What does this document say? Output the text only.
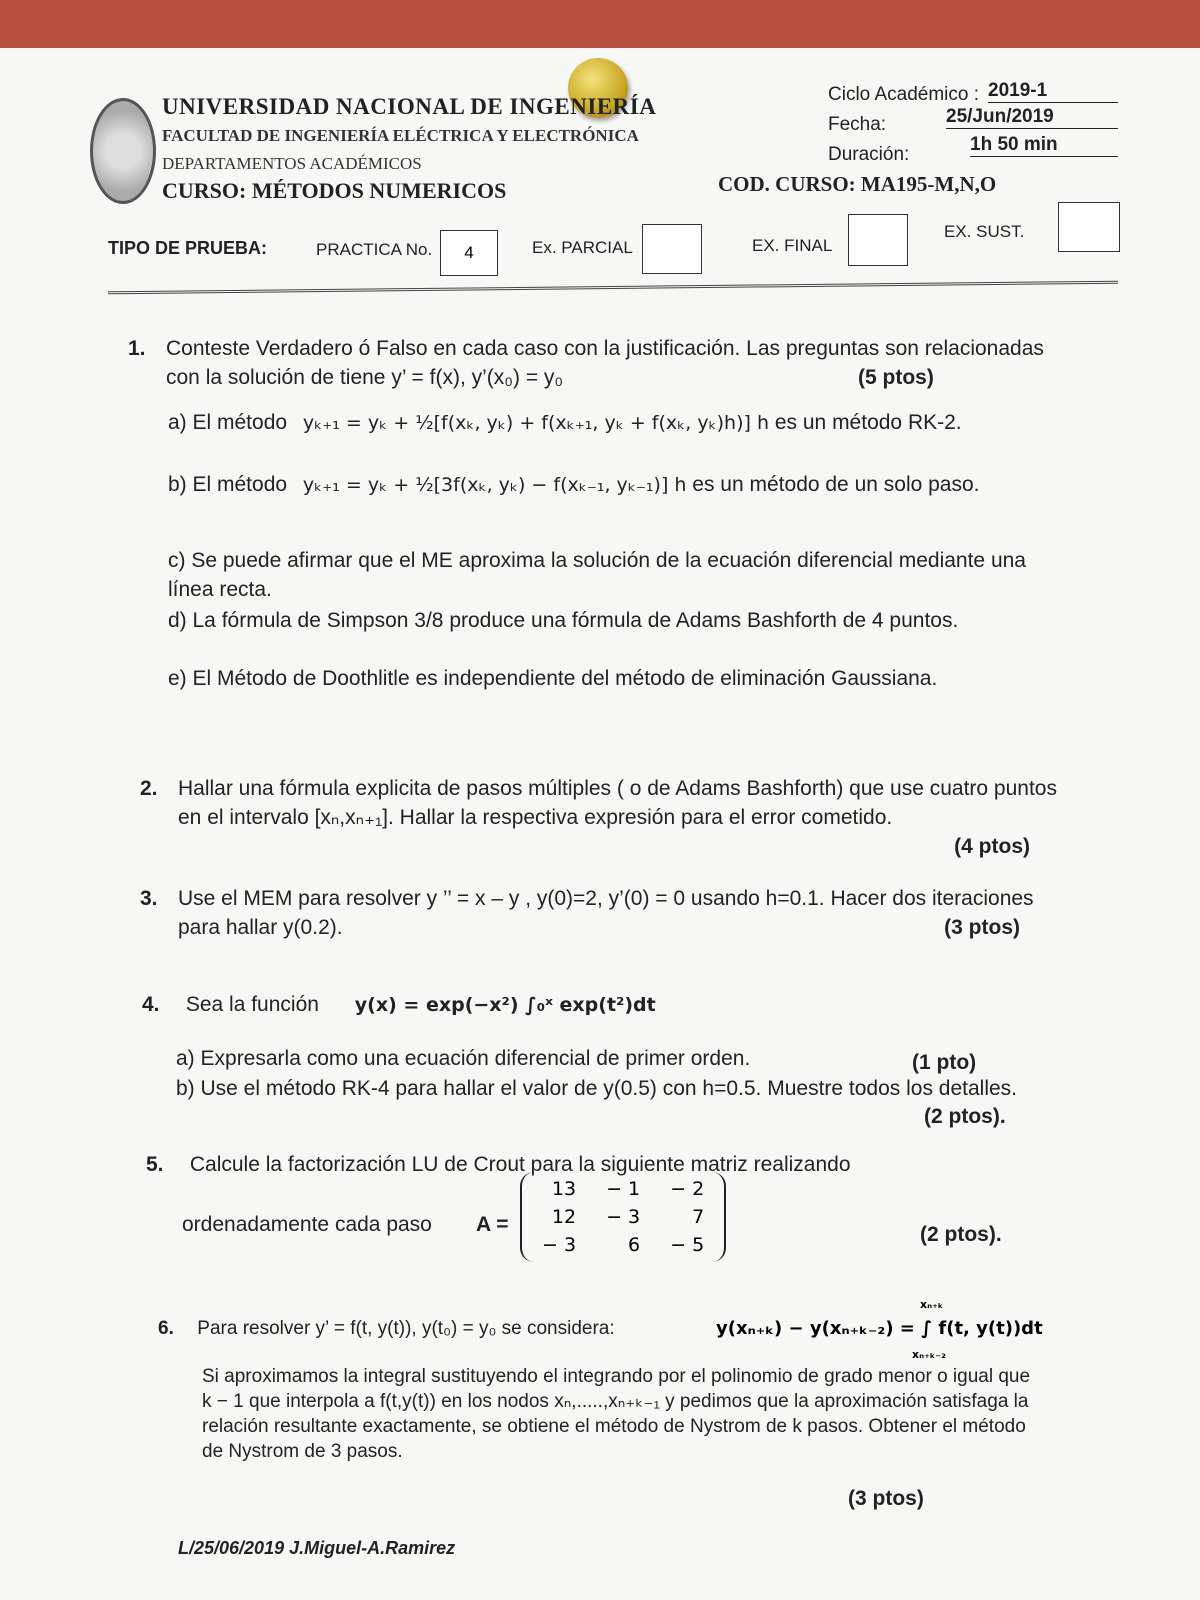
UNIVERSIDAD NACIONAL DE INGENIERÍA
FACULTAD DE INGENIERÍA ELÉCTRICA Y ELECTRÓNICA
DEPARTAMENTOS ACADÉMICOS
CURSO: MÉTODOS NUMERICOS	COD. CURSO: MA195-M,N,O
Ciclo Académico : 2019-1
Fecha:	25/Jun/2019
Duración:	1h 50 min
TIPO DE PRUEBA:	PRACTICA No.	4	Ex. PARCIAL	EX. FINAL
EX. SUST.
1. Conteste Verdadero ó Falso en cada caso con la justificación. Las preguntas son relacionadas con la solución de tiene y’ = f(x), y’(x₀) = y₀	(5 ptos)
a) El método yₖ₊₁ = yₖ + ½[f(xₖ, yₖ) + f(xₖ₊₁, yₖ + f(xₖ, yₖ)h)] h es un método RK-2.
b) El método yₖ₊₁ = yₖ + ½[3f(xₖ, yₖ) − f(xₖ₋₁, yₖ₋₁)] h es un método de un solo paso.
c) Se puede afirmar que el ME aproxima la solución de la ecuación diferencial mediante una línea recta.
d) La fórmula de Simpson 3/8 produce una fórmula de Adams Bashforth de 4 puntos.
e) El Método de Doothlitle es independiente del método de eliminación Gaussiana.
2. Hallar una fórmula explicita de pasos múltiples ( o de Adams Bashforth) que use cuatro puntos en el intervalo [xₙ,xₙ₊₁]. Hallar la respectiva expresión para el error cometido.
(4 ptos)
3. Use el MEM para resolver y ’’ = x – y , y(0)=2, y’(0) = 0 usando h=0.1. Hacer dos iteraciones para hallar y(0.2).	(3 ptos)
4. Sea la función y(x) = exp(−x²) ∫₀ˣ exp(t²)dt
a) Expresarla como una ecuación diferencial de primer orden.	(1 pto)
b) Use el método RK-4 para hallar el valor de y(0.5) con h=0.5. Muestre todos los detalles.
(2 ptos).
5. Calcule la factorización LU de Crout para la siguiente matriz realizando
ordenadamente cada paso A =
13	− 1	− 2
12	− 3	7
− 3	6	− 5	(2 ptos).
6. Para resolver y’ = f(t, y(t)), y(t₀) = y₀ se considera:	y(xₙ₊ₖ) − y(xₙ₊ₖ₋₂) = ∫ f(t, y(t))dt
xₙ₊ₖ
xₙ₊ₖ₋₂
Si aproximamos la integral sustituyendo el integrando por el polinomio de grado menor o igual que k − 1 que interpola a f(t,y(t)) en los nodos xₙ,.....,xₙ₊ₖ₋₁ y pedimos que la aproximación satisfaga la relación resultante exactamente, se obtiene el método de Nystrom de k pasos. Obtener el método de Nystrom de 3 pasos.
(3 ptos)
L/25/06/2019 J.Miguel-A.Ramirez
